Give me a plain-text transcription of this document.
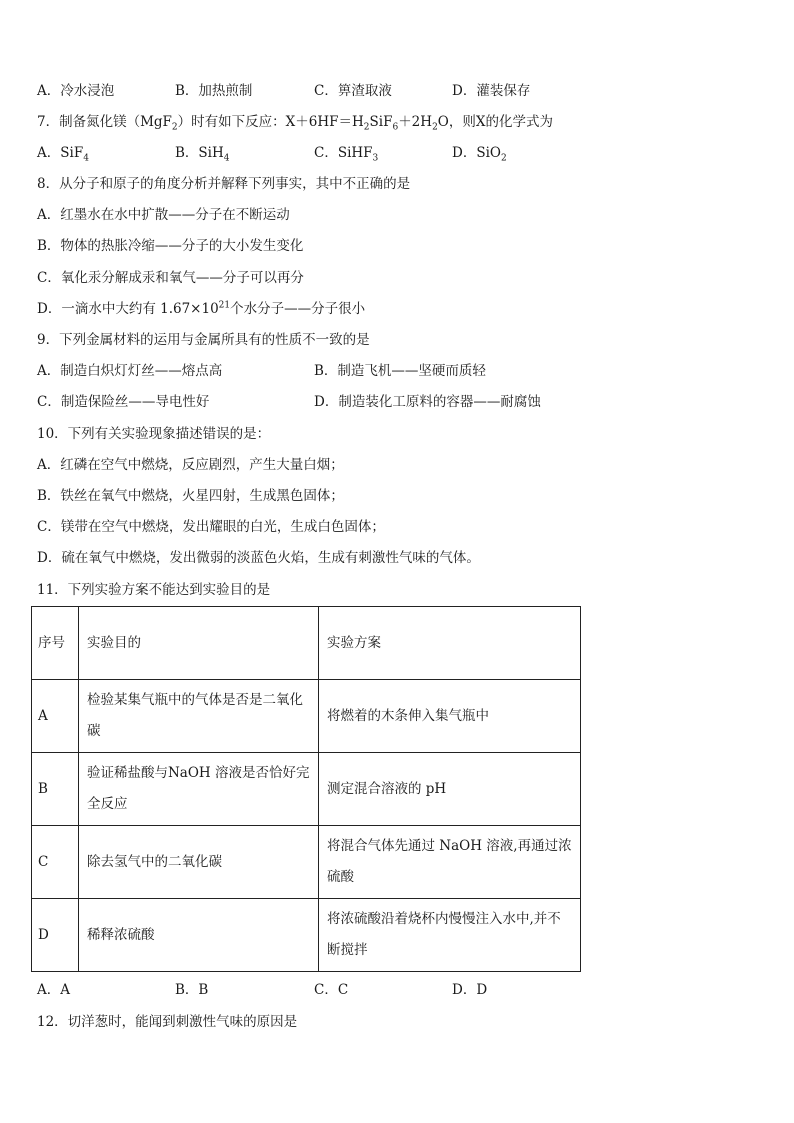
A．冷水浸泡	B．加热煎制	C．箅渣取液	D．灌装保存
7．制备氮化镁（MgF$_2$）时有如下反应：$X+6HF=H_2SiF_6+2H_2O$，则X的化学式为
A．SiF$_4$	B．SiH$_4$	C．SiHF$_3$	D．SiO$_2$
8．从分子和原子的角度分析并解释下列事实，其中不正确的是
A．红墨水在水中扩散——分子在不断运动
B．物体的热胀冷缩——分子的大小发生变化
C．氧化汞分解成汞和氧气——分子可以再分
D．一滴水中大约有 $1.67\times 10^{21}$个水分子——分子很小
9．下列金属材料的运用与金属所具有的性质不一致的是
A．制造白炽灯灯丝——熔点高	B．制造飞机——坚硬而质轻
C．制造保险丝——导电性好	D．制造装化工原料的容器——耐腐蚀
10．下列有关实验现象描述错误的是：
A．红磷在空气中燃烧，反应剧烈，产生大量白烟；
B．铁丝在氧气中燃烧，火星四射，生成黑色固体；
C．镁带在空气中燃烧，发出耀眼的白光，生成白色固体；
D．硫在氧气中燃烧，发出微弱的淡蓝色火焰，生成有刺激性气味的气体。
11．下列实验方案不能达到实验目的是
序号	实验目的	实验方案
A	检验某集气瓶中的气体是否是二氧化碳	将燃着的木条伸入集气瓶中
B	验证稀盐酸与NaOH 溶液是否恰好完全反应	测定混合溶液的 pH
C	除去氢气中的二氧化碳	将混合气体先通过 NaOH 溶液,再通过浓硫酸
D	稀释浓硫酸	将浓硫酸沿着烧杯内慢慢注入水中,并不断搅拌
A．A	B．B	C．C	D．D
12．切洋葱时，能闻到刺激性气味的原因是
